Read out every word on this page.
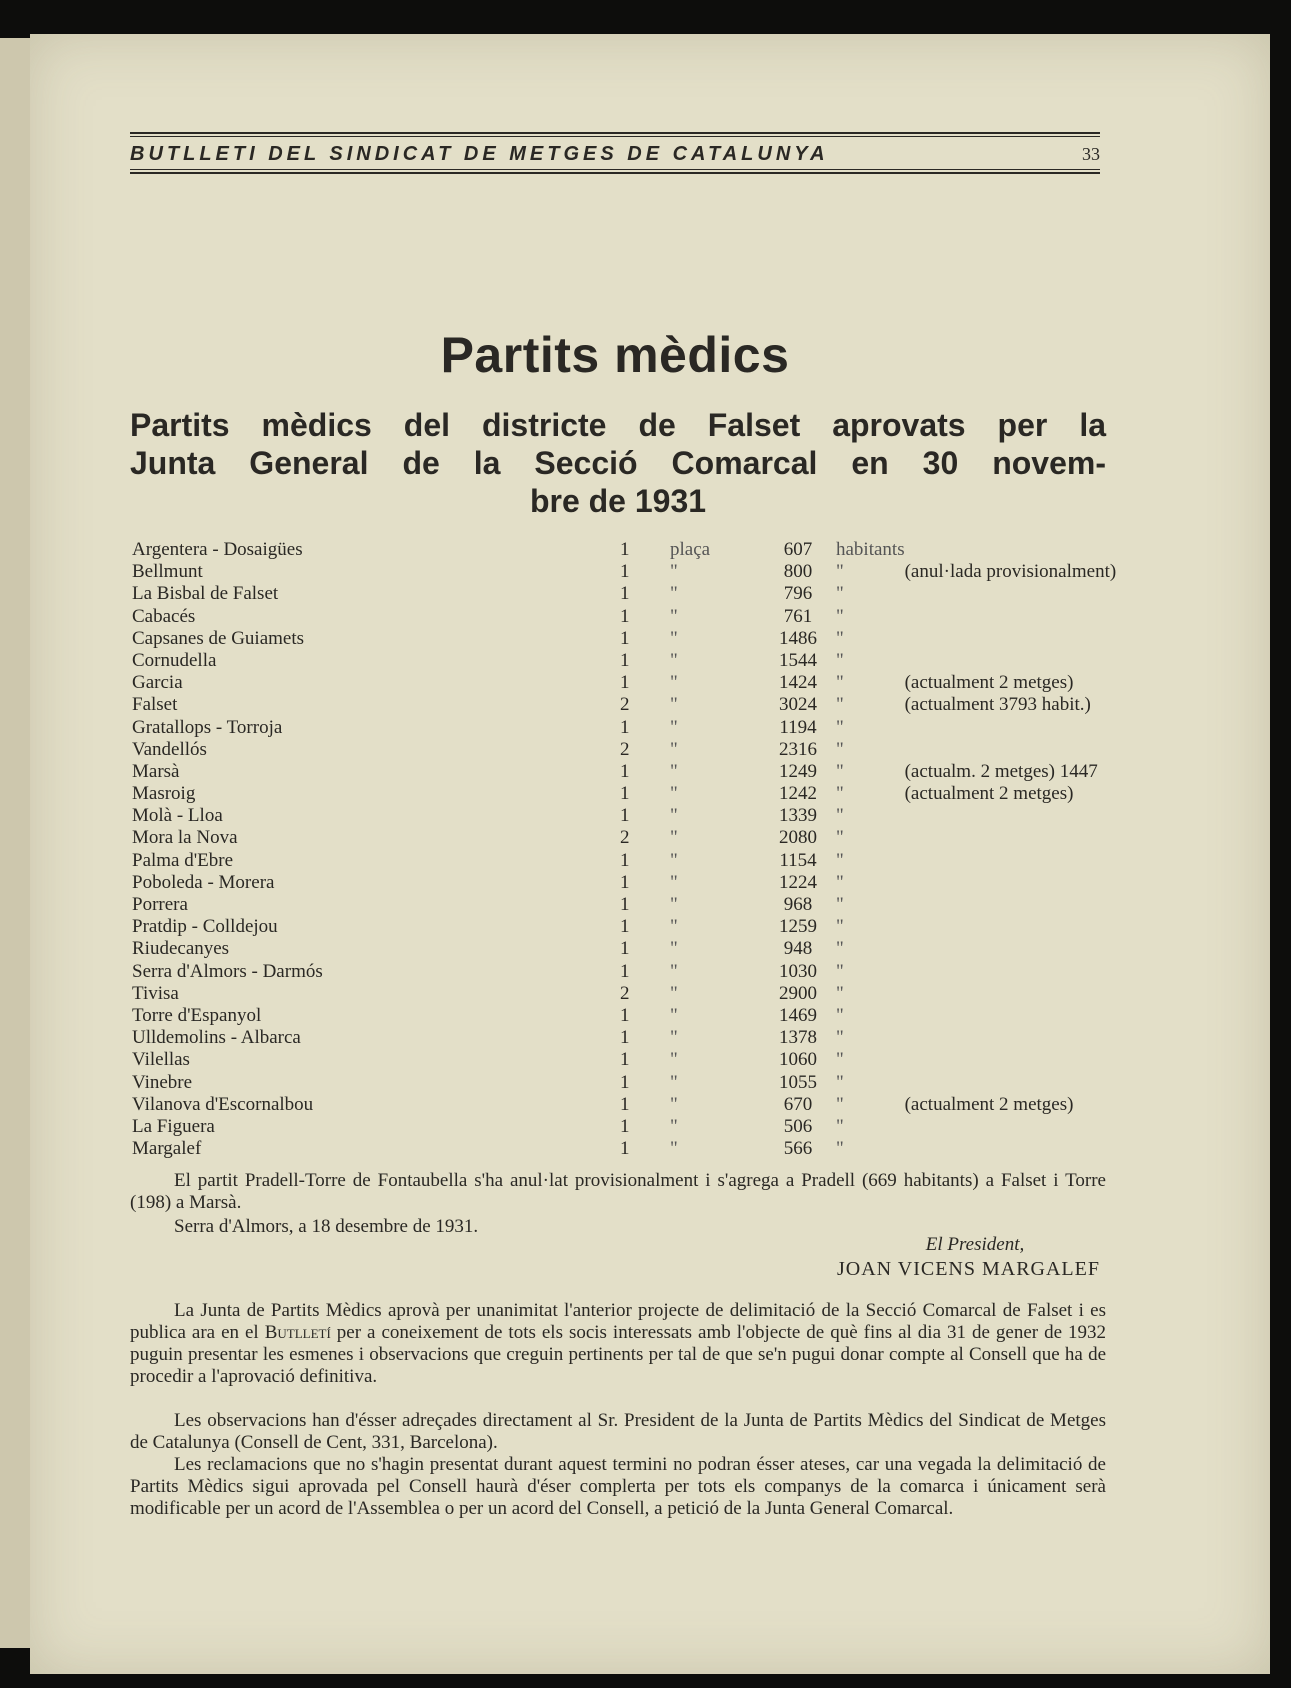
BUTLLETI DEL SINDICAT DE METGES DE CATALUNYA	33
Partits mèdics
Partits mèdics del districte de Falset aprovats per la
Junta General de la Secció Comarcal en 30 novem-
bre de 1931
Argentera - Dosaigües	1	plaça	607	habitants	
Bellmunt	1	"	800	"	(anul·lada provisionalment)
La Bisbal de Falset	1	"	796	"	
Cabacés	1	"	761	"	
Capsanes de Guiamets	1	"	1486	"	
Cornudella	1	"	1544	"	
Garcia	1	"	1424	"	(actualment 2 metges)
Falset	2	"	3024	"	(actualment 3793 habit.)
Gratallops - Torroja	1	"	1194	"	
Vandellós	2	"	2316	"	
Marsà	1	"	1249	"	(actualm. 2 metges) 1447
Masroig	1	"	1242	"	(actualment 2 metges)
Molà - Lloa	1	"	1339	"	
Mora la Nova	2	"	2080	"	
Palma d'Ebre	1	"	1154	"	
Poboleda - Morera	1	"	1224	"	
Porrera	1	"	968	"	
Pratdip - Colldejou	1	"	1259	"	
Riudecanyes	1	"	948	"	
Serra d'Almors - Darmós	1	"	1030	"	
Tivisa	2	"	2900	"	
Torre d'Espanyol	1	"	1469	"	
Ulldemolins - Albarca	1	"	1378	"	
Vilellas	1	"	1060	"	
Vinebre	1	"	1055	"	
Vilanova d'Escornalbou	1	"	670	"	(actualment 2 metges)
La Figuera	1	"	506	"	
Margalef	1	"	566	"	
El partit Pradell-Torre de Fontaubella s'ha anul·lat provisionalment i s'agrega a Pradell (669 habitants) a Falset i Torre (198) a Marsà.
Serra d'Almors, a 18 desembre de 1931.
El President,
JOAN VICENS MARGALEF
La Junta de Partits Mèdics aprovà per unanimitat l'anterior projecte de delimitació de la Secció Comarcal de Falset i es publica ara en el Butlletí per a coneixement de tots els socis interessats amb l'objecte de què fins al dia 31 de gener de 1932 puguin presentar les esmenes i observacions que creguin pertinents per tal de que se'n pugui donar compte al Consell que ha de procedir a l'aprovació definitiva.
Les observacions han d'ésser adreçades directament al Sr. President de la Junta de Partits Mèdics del Sindicat de Metges de Catalunya (Consell de Cent, 331, Barcelona).
Les reclamacions que no s'hagin presentat durant aquest termini no podran ésser ateses, car una vegada la delimitació de Partits Mèdics sigui aprovada pel Consell haurà d'éser complerta per tots els companys de la comarca i únicament serà modificable per un acord de l'Assemblea o per un acord del Consell, a petició de la Junta General Comarcal.
